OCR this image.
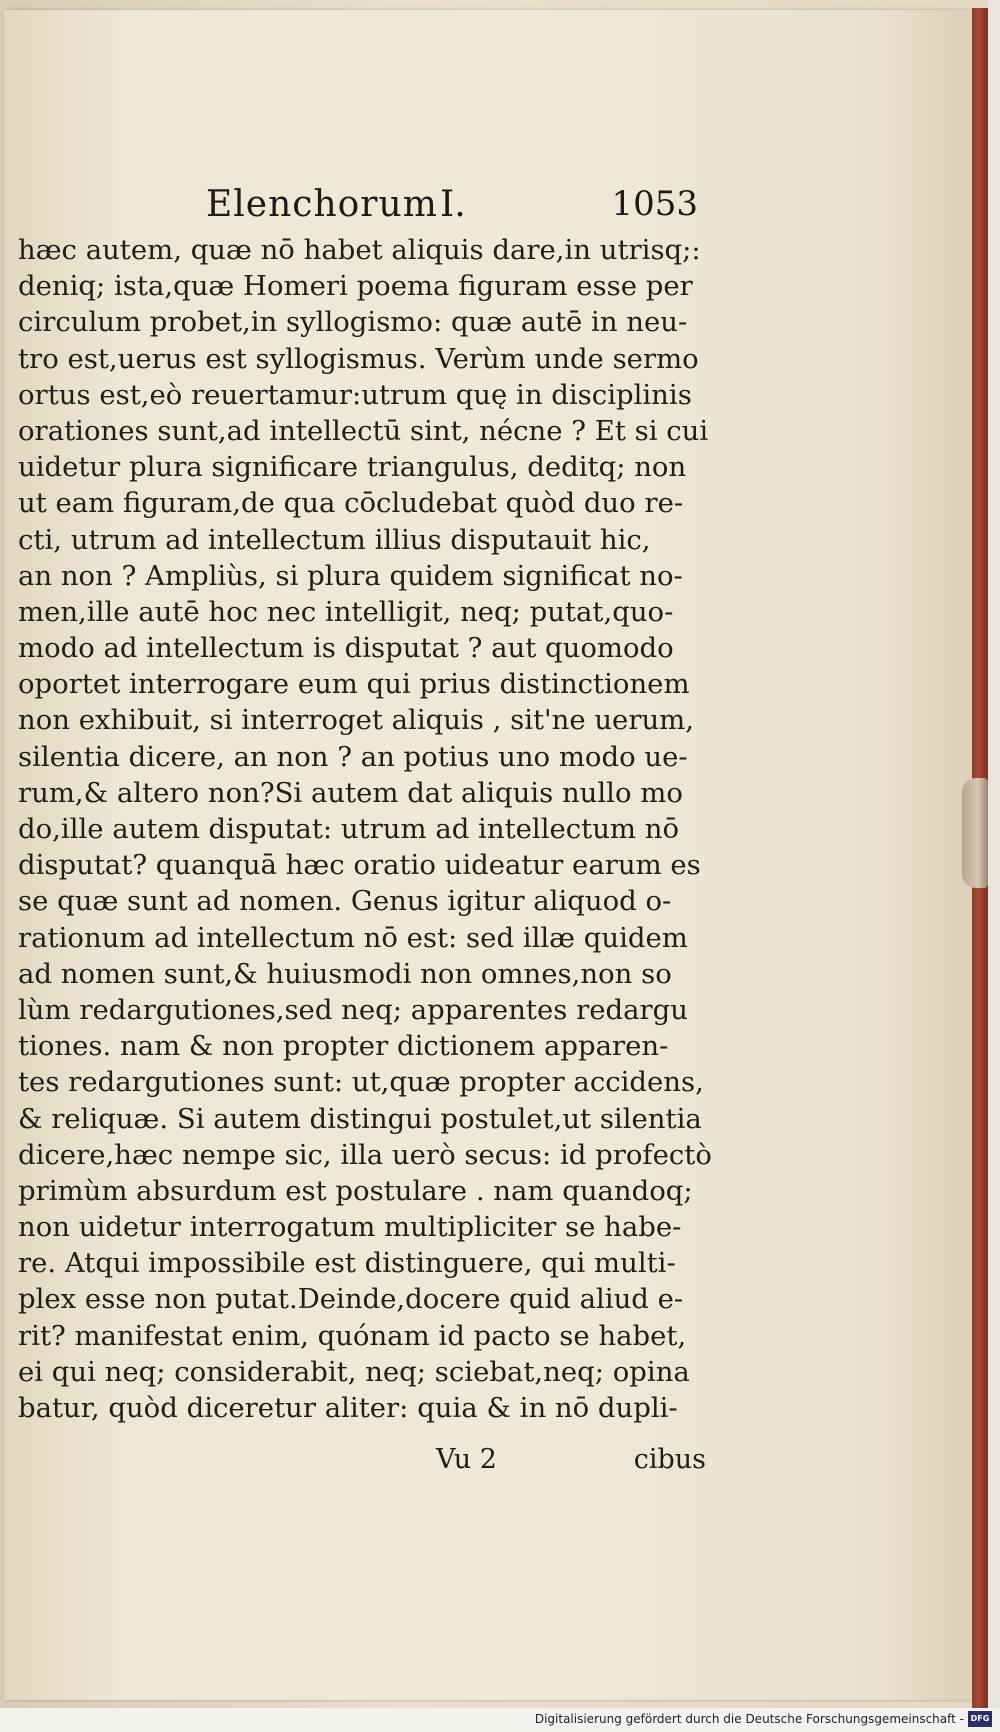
Elenchorum I.	1053
hæc autem, quæ nō habet aliquis dare,in utrisq;:
deniq; ista,quæ Homeri poema figuram esse per
circulum probet,in syllogismo: quæ autē in neu-
tro est,uerus est syllogismus. Verùm unde sermo
ortus est,eò reuertamur:utrum quę in disciplinis
orationes sunt,ad intellectū sint, nécne ? Et si cui
uidetur plura significare triangulus, deditq; non
ut eam figuram,de qua cōcludebat quòd duo re-
cti, utrum ad intellectum illius disputauit hic,
an non ? Ampliùs, si plura quidem significat no-
men,ille autē hoc nec intelligit, neq; putat,quo-
modo ad intellectum is disputat ? aut quomodo
oportet interrogare eum qui prius distinctionem
non exhibuit, si interroget aliquis , sit'ne uerum,
silentia dicere, an non ? an potius uno modo ue-
rum,& altero non?Si autem dat aliquis nullo mo
do,ille autem disputat: utrum ad intellectum nō
disputat? quanquā hæc oratio uideatur earum es
se quæ sunt ad nomen. Genus igitur aliquod o-
rationum ad intellectum nō est: sed illæ quidem
ad nomen sunt,& huiusmodi non omnes,non so
lùm redargutiones,sed neq; apparentes redargu
tiones. nam & non propter dictionem apparen-
tes redargutiones sunt: ut,quæ propter accidens,
& reliquæ. Si autem distingui postulet,ut silentia
dicere,hæc nempe sic, illa uerò secus: id profectò
primùm absurdum est postulare . nam quandoq;
non uidetur interrogatum multipliciter se habe-
re. Atqui impossibile est distinguere, qui multi-
plex esse non putat.Deinde,docere quid aliud e-
rit? manifestat enim, quónam id pacto se habet,
ei qui neq; considerabit, neq; sciebat,neq; opina
batur, quòd diceretur aliter: quia & in nō dupli-
Vu 2	cibus
Digitalisierung gefördert durch die Deutsche Forschungsgemeinschaft - DFG
